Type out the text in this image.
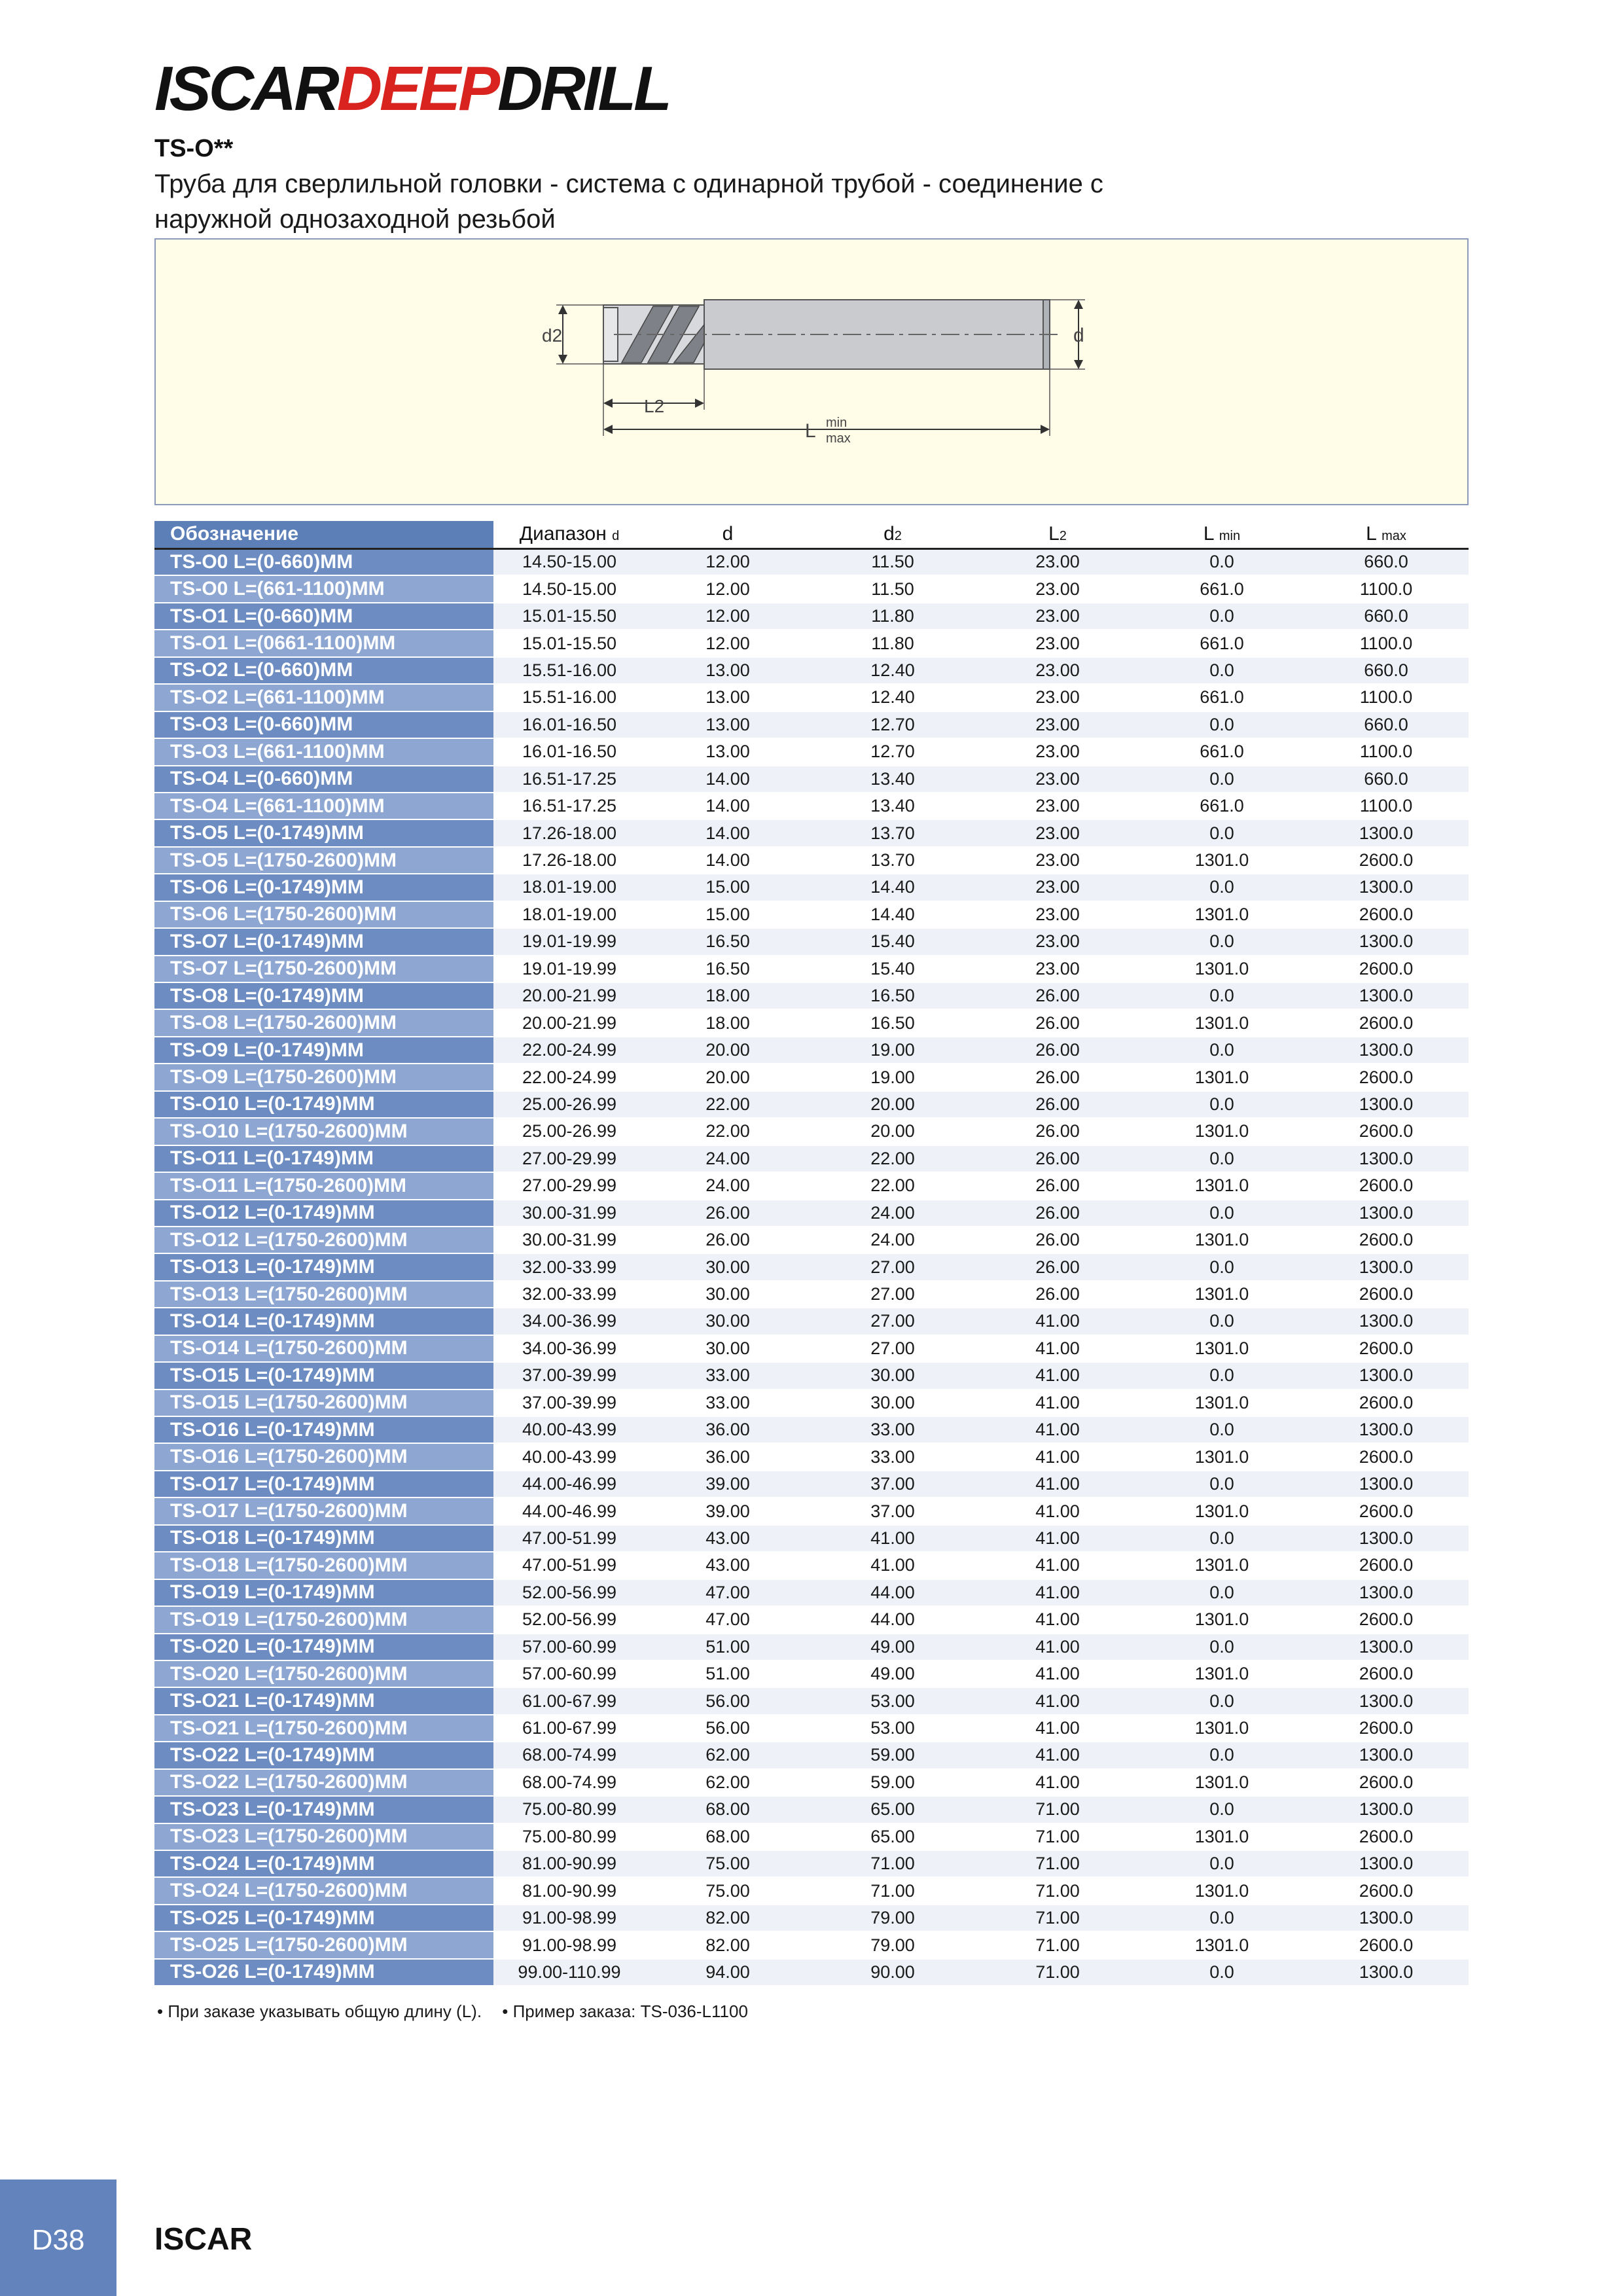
ISCARDEEPDRILL
TS-O**
Труба для сверлильной головки - система с одинарной трубой - соединение с наружной однозаходной резьбой
d2	d
L2
L min
max
Обозначение	Диапазон d	d	d2	L2	L min	L max
TS-O0 L=(0-660)MM	14.50-15.00	12.00	11.50	23.00	0.0	660.0
TS-O0 L=(661-1100)MM	14.50-15.00	12.00	11.50	23.00	661.0	1100.0
TS-O1 L=(0-660)MM	15.01-15.50	12.00	11.80	23.00	0.0	660.0
TS-O1 L=(0661-1100)MM	15.01-15.50	12.00	11.80	23.00	661.0	1100.0
TS-O2 L=(0-660)MM	15.51-16.00	13.00	12.40	23.00	0.0	660.0
TS-O2 L=(661-1100)MM	15.51-16.00	13.00	12.40	23.00	661.0	1100.0
TS-O3 L=(0-660)MM	16.01-16.50	13.00	12.70	23.00	0.0	660.0
TS-O3 L=(661-1100)MM	16.01-16.50	13.00	12.70	23.00	661.0	1100.0
TS-O4 L=(0-660)MM	16.51-17.25	14.00	13.40	23.00	0.0	660.0
TS-O4 L=(661-1100)MM	16.51-17.25	14.00	13.40	23.00	661.0	1100.0
TS-O5 L=(0-1749)MM	17.26-18.00	14.00	13.70	23.00	0.0	1300.0
TS-O5 L=(1750-2600)MM	17.26-18.00	14.00	13.70	23.00	1301.0	2600.0
TS-O6 L=(0-1749)MM	18.01-19.00	15.00	14.40	23.00	0.0	1300.0
TS-O6 L=(1750-2600)MM	18.01-19.00	15.00	14.40	23.00	1301.0	2600.0
TS-O7 L=(0-1749)MM	19.01-19.99	16.50	15.40	23.00	0.0	1300.0
TS-O7 L=(1750-2600)MM	19.01-19.99	16.50	15.40	23.00	1301.0	2600.0
TS-O8 L=(0-1749)MM	20.00-21.99	18.00	16.50	26.00	0.0	1300.0
TS-O8 L=(1750-2600)MM	20.00-21.99	18.00	16.50	26.00	1301.0	2600.0
TS-O9 L=(0-1749)MM	22.00-24.99	20.00	19.00	26.00	0.0	1300.0
TS-O9 L=(1750-2600)MM	22.00-24.99	20.00	19.00	26.00	1301.0	2600.0
TS-O10 L=(0-1749)MM	25.00-26.99	22.00	20.00	26.00	0.0	1300.0
TS-O10 L=(1750-2600)MM	25.00-26.99	22.00	20.00	26.00	1301.0	2600.0
TS-O11 L=(0-1749)MM	27.00-29.99	24.00	22.00	26.00	0.0	1300.0
TS-O11 L=(1750-2600)MM	27.00-29.99	24.00	22.00	26.00	1301.0	2600.0
TS-O12 L=(0-1749)MM	30.00-31.99	26.00	24.00	26.00	0.0	1300.0
TS-O12 L=(1750-2600)MM	30.00-31.99	26.00	24.00	26.00	1301.0	2600.0
TS-O13 L=(0-1749)MM	32.00-33.99	30.00	27.00	26.00	0.0	1300.0
TS-O13 L=(1750-2600)MM	32.00-33.99	30.00	27.00	26.00	1301.0	2600.0
TS-O14 L=(0-1749)MM	34.00-36.99	30.00	27.00	41.00	0.0	1300.0
TS-O14 L=(1750-2600)MM	34.00-36.99	30.00	27.00	41.00	1301.0	2600.0
TS-O15 L=(0-1749)MM	37.00-39.99	33.00	30.00	41.00	0.0	1300.0
TS-O15 L=(1750-2600)MM	37.00-39.99	33.00	30.00	41.00	1301.0	2600.0
TS-O16 L=(0-1749)MM	40.00-43.99	36.00	33.00	41.00	0.0	1300.0
TS-O16 L=(1750-2600)MM	40.00-43.99	36.00	33.00	41.00	1301.0	2600.0
TS-O17 L=(0-1749)MM	44.00-46.99	39.00	37.00	41.00	0.0	1300.0
TS-O17 L=(1750-2600)MM	44.00-46.99	39.00	37.00	41.00	1301.0	2600.0
TS-O18 L=(0-1749)MM	47.00-51.99	43.00	41.00	41.00	0.0	1300.0
TS-O18 L=(1750-2600)MM	47.00-51.99	43.00	41.00	41.00	1301.0	2600.0
TS-O19 L=(0-1749)MM	52.00-56.99	47.00	44.00	41.00	0.0	1300.0
TS-O19 L=(1750-2600)MM	52.00-56.99	47.00	44.00	41.00	1301.0	2600.0
TS-O20 L=(0-1749)MM	57.00-60.99	51.00	49.00	41.00	0.0	1300.0
TS-O20 L=(1750-2600)MM	57.00-60.99	51.00	49.00	41.00	1301.0	2600.0
TS-O21 L=(0-1749)MM	61.00-67.99	56.00	53.00	41.00	0.0	1300.0
TS-O21 L=(1750-2600)MM	61.00-67.99	56.00	53.00	41.00	1301.0	2600.0
TS-O22 L=(0-1749)MM	68.00-74.99	62.00	59.00	41.00	0.0	1300.0
TS-O22 L=(1750-2600)MM	68.00-74.99	62.00	59.00	41.00	1301.0	2600.0
TS-O23 L=(0-1749)MM	75.00-80.99	68.00	65.00	71.00	0.0	1300.0
TS-O23 L=(1750-2600)MM	75.00-80.99	68.00	65.00	71.00	1301.0	2600.0
TS-O24 L=(0-1749)MM	81.00-90.99	75.00	71.00	71.00	0.0	1300.0
TS-O24 L=(1750-2600)MM	81.00-90.99	75.00	71.00	71.00	1301.0	2600.0
TS-O25 L=(0-1749)MM	91.00-98.99	82.00	79.00	71.00	0.0	1300.0
TS-O25 L=(1750-2600)MM	91.00-98.99	82.00	79.00	71.00	1301.0	2600.0
TS-O26 L=(0-1749)MM	99.00-110.99	94.00	90.00	71.00	0.0	1300.0
• При заказе указывать общую длину (L). • Пример заказа: TS-036-L1100
D38	ISCAR
